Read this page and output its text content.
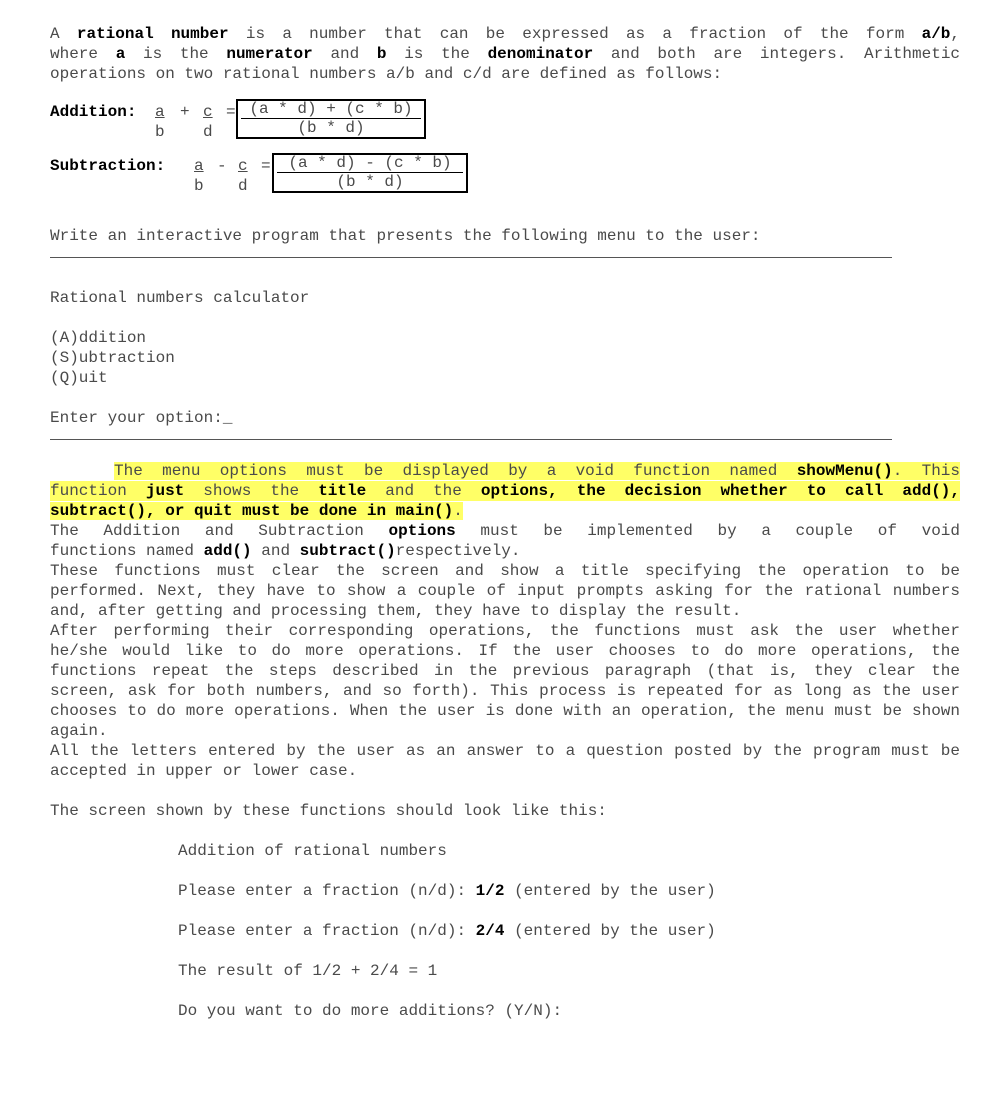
A rational number is a number that can be expressed as a fraction of the form a/b,
where a is the numerator and b is the denominator and both are integers. Arithmetic
operations on two rational numbers a/b and c/d are defined as follows:

Addition: $\frac{a}{b} + \frac{c}{d} = \frac{(a * d) + (c * b)}{(b * d)}$
Subtraction: $\frac{a}{b} - \frac{c}{d} = \frac{(a * d) - (c * b)}{(b * d)}$
Write an interactive program that presents the following menu to the user:
Rational numbers calculator
(A)ddition
(S)ubtraction
(Q)uit
Enter your option:_

The menu options must be displayed by a void function named showMenu(). This
function just shows the title and the options, the decision whether to call add(),
subtract(), or quit must be done in main().

The Addition and Subtraction options must be implemented by a couple of void
functions named add() and subtract()respectively.

These functions must clear the screen and show a title specifying the operation to be performed. Next, they have to show a couple of input prompts asking for the rational numbers and, after getting and processing them, they have to display the result.

After performing their corresponding operations, the functions must ask the user whether he/she would like to do more operations. If the user chooses to do more operations, the functions repeat the steps described in the previous paragraph (that is, they clear the screen, ask for both numbers, and so forth). This process is repeated for as long as the user chooses to do more operations. When the user is done with an operation, the menu must be shown again.

All the letters entered by the user as an answer to a question posted by the program must be accepted in upper or lower case.

The screen shown by these functions should look like this:
Addition of rational numbers
Please enter a fraction (n/d): 1/2 (entered by the user)
Please enter a fraction (n/d): 2/4 (entered by the user)
The result of 1/2 + 2/4 = 1
Do you want to do more additions? (Y/N):
